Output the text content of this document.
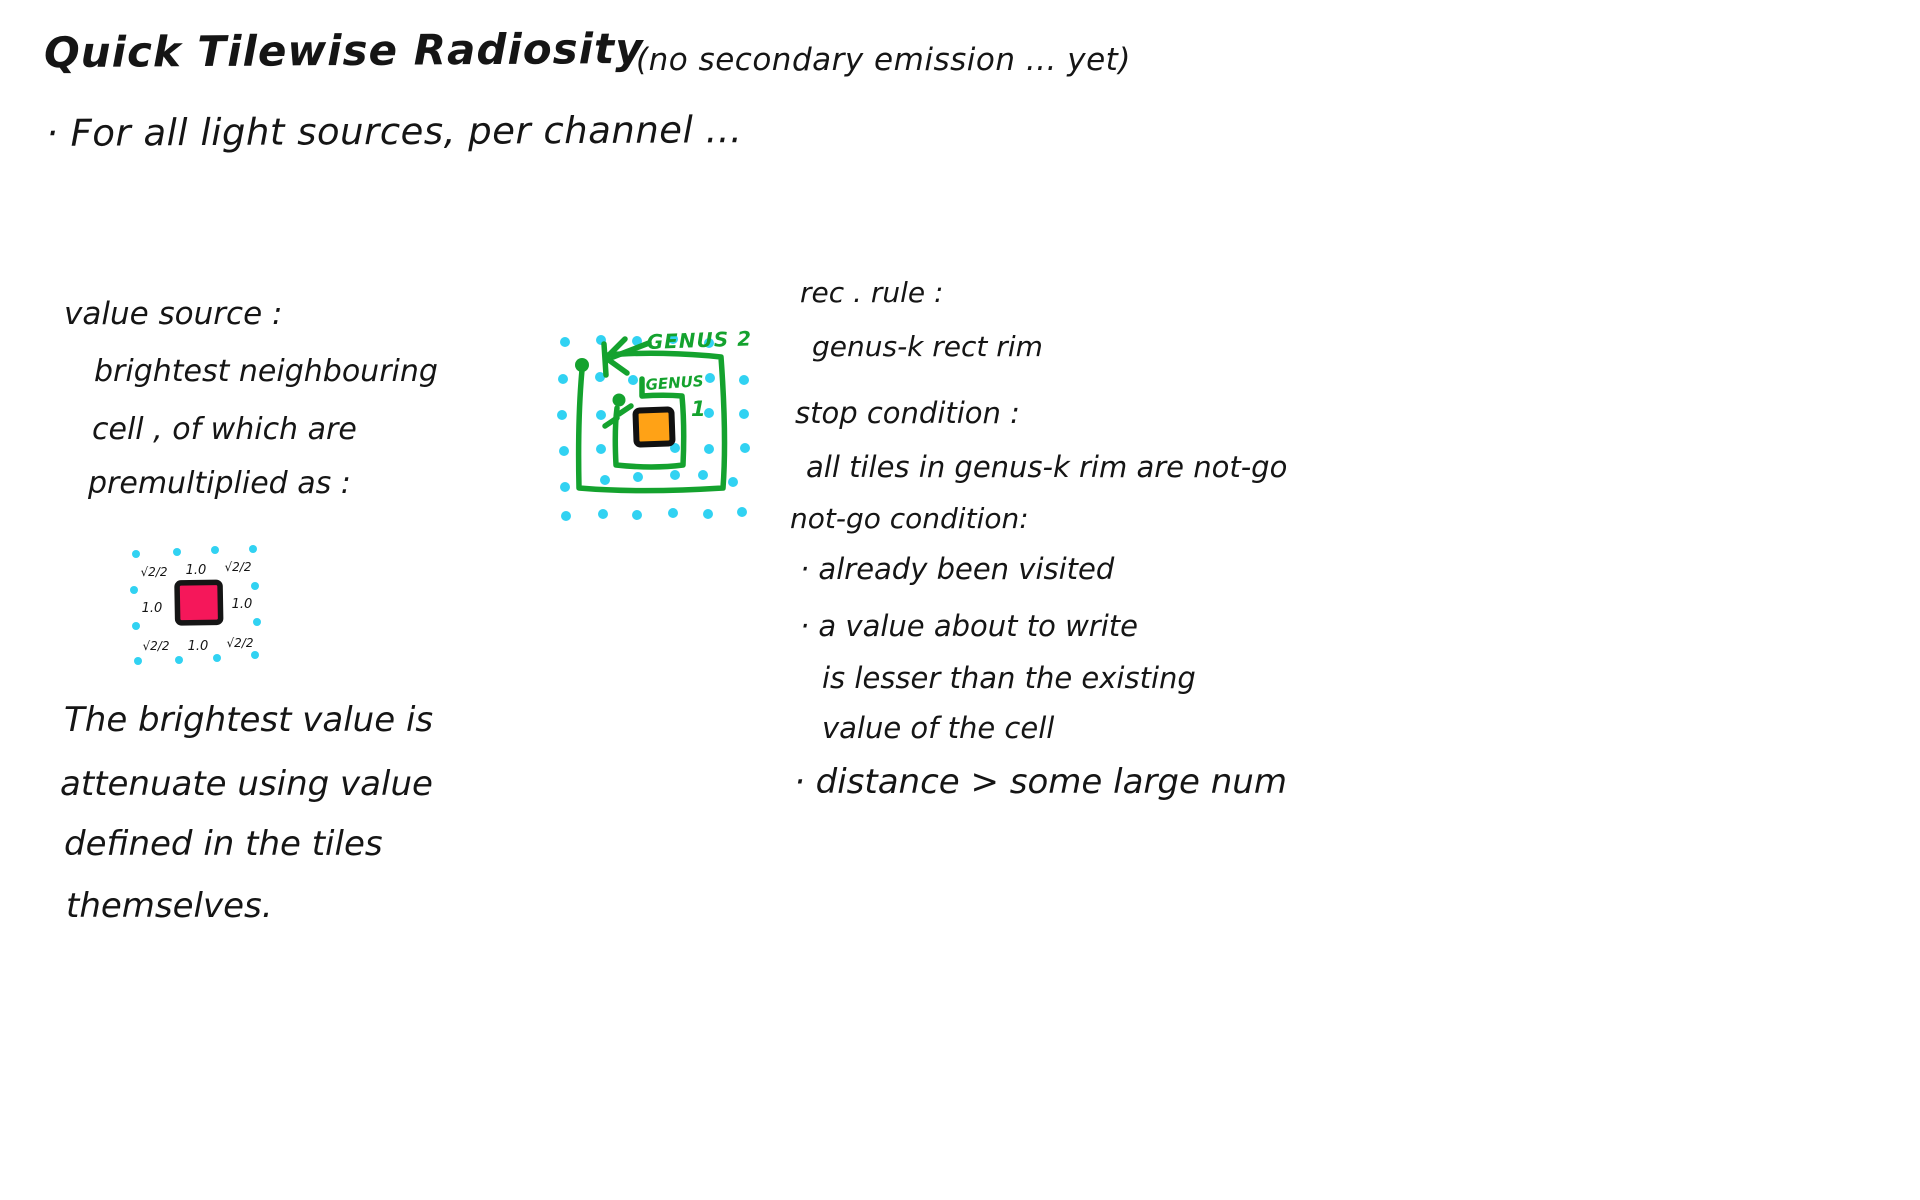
Quick Tilewise Radiosity
(no secondary emission ... yet)
· For all light sources, per channel ...
value source :
brightest neighbouring
cell , of which are
premultiplied as :
√2/2 1.0 √2/2
1.0	1.0
√2/2 1.0 √2/2
The brightest value is
attenuate using value
defined in the tiles
themselves.
GENUS 2
GENUS
1
rec . rule :
genus-k rect rim
stop condition :
all tiles in genus-k rim are not-go
not-go condition:
· already been visited
· a value about to write
is lesser than the existing
value of the cell
· distance > some large num
